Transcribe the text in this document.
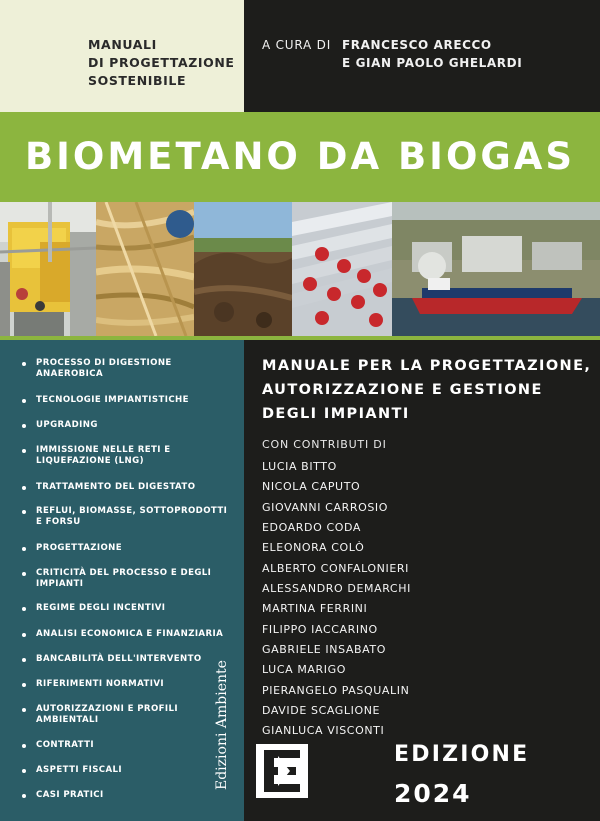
MANUALI
DI PROGETTAZIONE
SOSTENIBILE
A CURA DI FRANCESCO ARECCO
E GIAN PAOLO GHELARDI
BIOMETANO DA BIOGAS
PROCESSO DI DIGESTIONE ANAEROBICA
TECNOLOGIE IMPIANTISTICHE
UPGRADING
IMMISSIONE NELLE RETI E LIQUEFAZIONE (LNG)
TRATTAMENTO DEL DIGESTATO
REFLUI, BIOMASSE, SOTTOPRODOTTI E FORSU
PROGETTAZIONE
CRITICITÀ DEL PROCESSO E DEGLI IMPIANTI
REGIME DEGLI INCENTIVI
ANALISI ECONOMICA E FINANZIARIA
BANCABILITÀ DELL'INTERVENTO
RIFERIMENTI NORMATIVI
AUTORIZZAZIONI E PROFILI AMBIENTALI
CONTRATTI
ASPETTI FISCALI
CASI PRATICI
Edizioni Ambiente
MANUALE PER LA PROGETTAZIONE, AUTORIZZAZIONE E GESTIONE DEGLI IMPIANTI
CON CONTRIBUTI DI
LUCIA BITTO
NICOLA CAPUTO
GIOVANNI CARROSIO
EDOARDO CODA
ELEONORA COLÒ
ALBERTO CONFALONIERI
ALESSANDRO DEMARCHI
MARTINA FERRINI
FILIPPO IACCARINO
GABRIELE INSABATO
LUCA MARIGO
PIERANGELO PASQUALIN
DAVIDE SCAGLIONE
GIANLUCA VISCONTI
EDIZIONE
2024
